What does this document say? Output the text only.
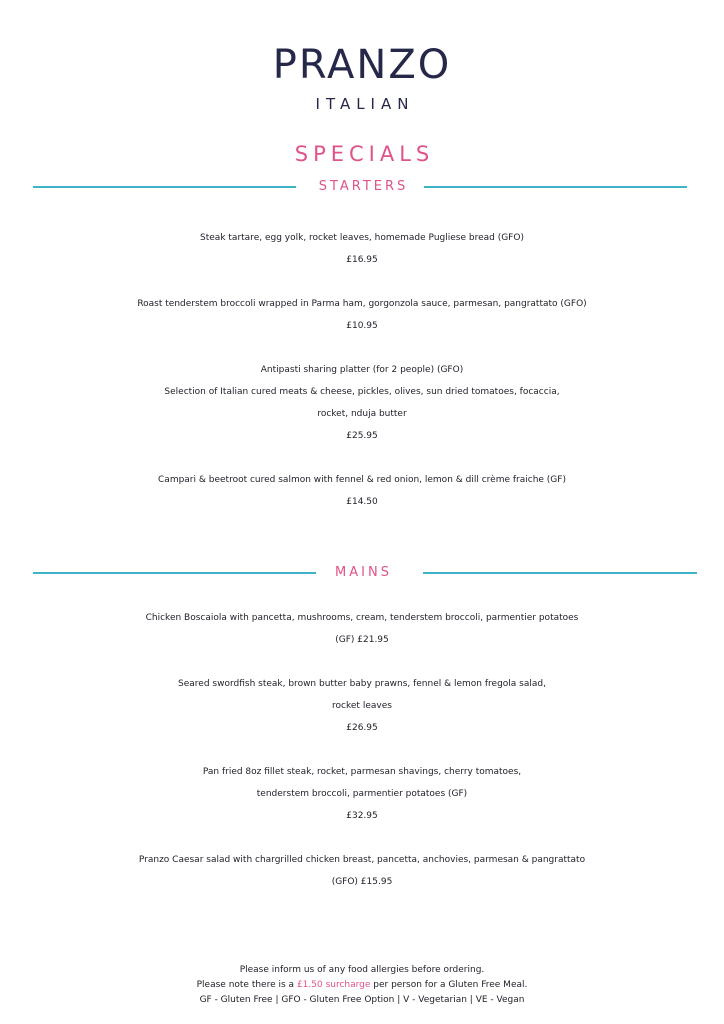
PRANZO
ITALIAN
SPECIALS
STARTERS
Steak tartare, egg yolk, rocket leaves, homemade Pugliese bread (GFO)
£16.95
Roast tenderstem broccoli wrapped in Parma ham, gorgonzola sauce, parmesan, pangrattato (GFO)
£10.95
Antipasti sharing platter (for 2 people) (GFO)
Selection of Italian cured meats & cheese, pickles, olives, sun dried tomatoes, focaccia,
rocket, nduja butter
£25.95
Campari & beetroot cured salmon with fennel & red onion, lemon & dill crème fraiche (GF)
£14.50
MAINS
Chicken Boscaiola with pancetta, mushrooms, cream, tenderstem broccoli, parmentier potatoes
(GF) £21.95
Seared swordfish steak, brown butter baby prawns, fennel & lemon fregola salad,
rocket leaves
£26.95
Pan fried 8oz fillet steak, rocket, parmesan shavings, cherry tomatoes,
tenderstem broccoli, parmentier potatoes (GF)
£32.95
Pranzo Caesar salad with chargrilled chicken breast, pancetta, anchovies, parmesan & pangrattato
(GFO) £15.95
Please inform us of any food allergies before ordering.
Please note there is a £1.50 surcharge per person for a Gluten Free Meal.
GF - Gluten Free | GFO - Gluten Free Option | V - Vegetarian | VE - Vegan
